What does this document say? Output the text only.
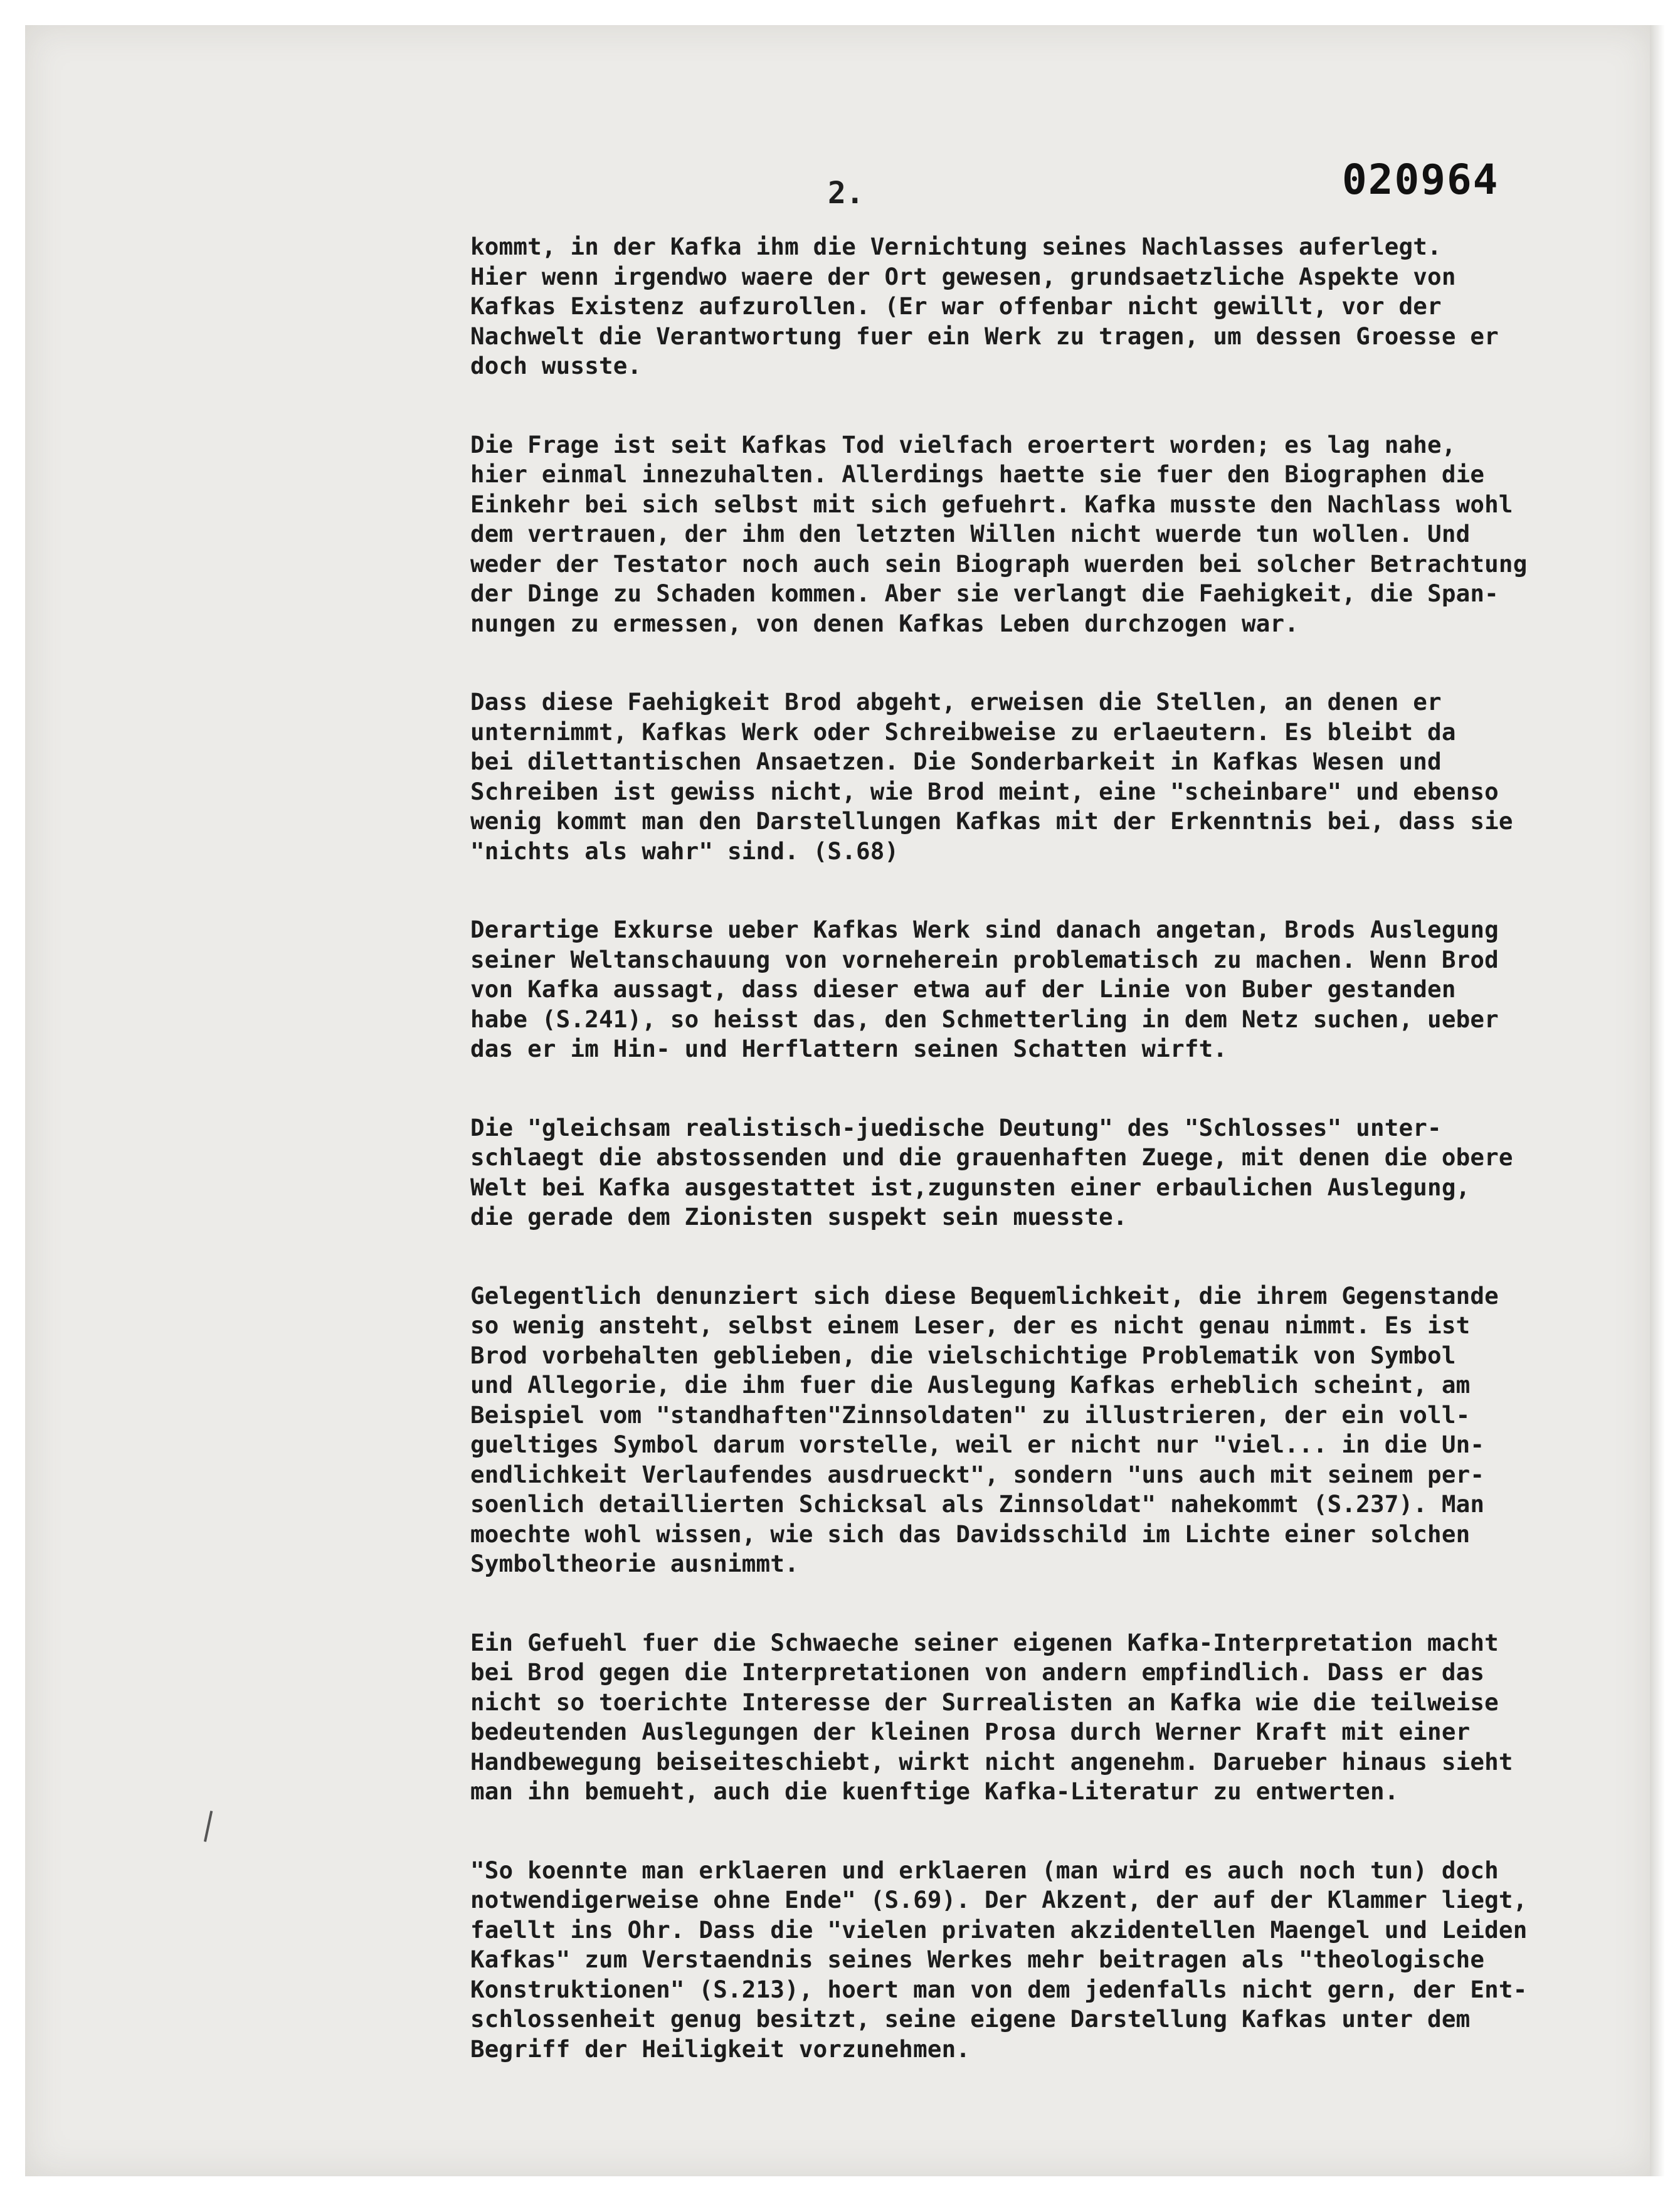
2.	020964

kommt, in der Kafka ihm die Vernichtung seines Nachlasses auferlegt.
Hier wenn irgendwo waere der Ort gewesen, grundsaetzliche Aspekte von
Kafkas Existenz aufzurollen. (Er war offenbar nicht gewillt, vor der
Nachwelt die Verantwortung fuer ein Werk zu tragen, um dessen Groesse er
doch wusste.
Die Frage ist seit Kafkas Tod vielfach eroertert worden; es lag nahe,
hier einmal innezuhalten. Allerdings haette sie fuer den Biographen die
Einkehr bei sich selbst mit sich gefuehrt. Kafka musste den Nachlass wohl
dem vertrauen, der ihm den letzten Willen nicht wuerde tun wollen. Und
weder der Testator noch auch sein Biograph wuerden bei solcher Betrachtung
der Dinge zu Schaden kommen. Aber sie verlangt die Faehigkeit, die Span-
nungen zu ermessen, von denen Kafkas Leben durchzogen war.
Dass diese Faehigkeit Brod abgeht, erweisen die Stellen, an denen er
unternimmt, Kafkas Werk oder Schreibweise zu erlaeutern. Es bleibt da
bei dilettantischen Ansaetzen. Die Sonderbarkeit in Kafkas Wesen und
Schreiben ist gewiss nicht, wie Brod meint, eine "scheinbare" und ebenso
wenig kommt man den Darstellungen Kafkas mit der Erkenntnis bei, dass sie
"nichts als wahr" sind. (S.68)
Derartige Exkurse ueber Kafkas Werk sind danach angetan, Brods Auslegung
seiner Weltanschauung von vorneherein problematisch zu machen. Wenn Brod
von Kafka aussagt, dass dieser etwa auf der Linie von Buber gestanden
habe (S.241), so heisst das, den Schmetterling in dem Netz suchen, ueber
das er im Hin- und Herflattern seinen Schatten wirft.
Die "gleichsam realistisch-juedische Deutung" des "Schlosses" unter-
schlaegt die abstossenden und die grauenhaften Zuege, mit denen die obere
Welt bei Kafka ausgestattet ist,zugunsten einer erbaulichen Auslegung,
die gerade dem Zionisten suspekt sein muesste.
Gelegentlich denunziert sich diese Bequemlichkeit, die ihrem Gegenstande
so wenig ansteht, selbst einem Leser, der es nicht genau nimmt. Es ist
Brod vorbehalten geblieben, die vielschichtige Problematik von Symbol
und Allegorie, die ihm fuer die Auslegung Kafkas erheblich scheint, am
Beispiel vom "standhaften"Zinnsoldaten" zu illustrieren, der ein voll-
gueltiges Symbol darum vorstelle, weil er nicht nur "viel... in die Un-
endlichkeit Verlaufendes ausdrueckt", sondern "uns auch mit seinem per-
soenlich detaillierten Schicksal als Zinnsoldat" nahekommt (S.237). Man
moechte wohl wissen, wie sich das Davidsschild im Lichte einer solchen
Symboltheorie ausnimmt.
Ein Gefuehl fuer die Schwaeche seiner eigenen Kafka-Interpretation macht
bei Brod gegen die Interpretationen von andern empfindlich. Dass er das
nicht so toerichte Interesse der Surrealisten an Kafka wie die teilweise
bedeutenden Auslegungen der kleinen Prosa durch Werner Kraft mit einer
Handbewegung beiseiteschiebt, wirkt nicht angenehm. Darueber hinaus sieht
man ihn bemueht, auch die kuenftige Kafka-Literatur zu entwerten.
"So koennte man erklaeren und erklaeren (man wird es auch noch tun) doch
notwendigerweise ohne Ende" (S.69). Der Akzent, der auf der Klammer liegt,
faellt ins Ohr. Dass die "vielen privaten akzidentellen Maengel und Leiden
Kafkas" zum Verstaendnis seines Werkes mehr beitragen als "theologische
Konstruktionen" (S.213), hoert man von dem jedenfalls nicht gern, der Ent-
schlossenheit genug besitzt, seine eigene Darstellung Kafkas unter dem
Begriff der Heiligkeit vorzunehmen.
